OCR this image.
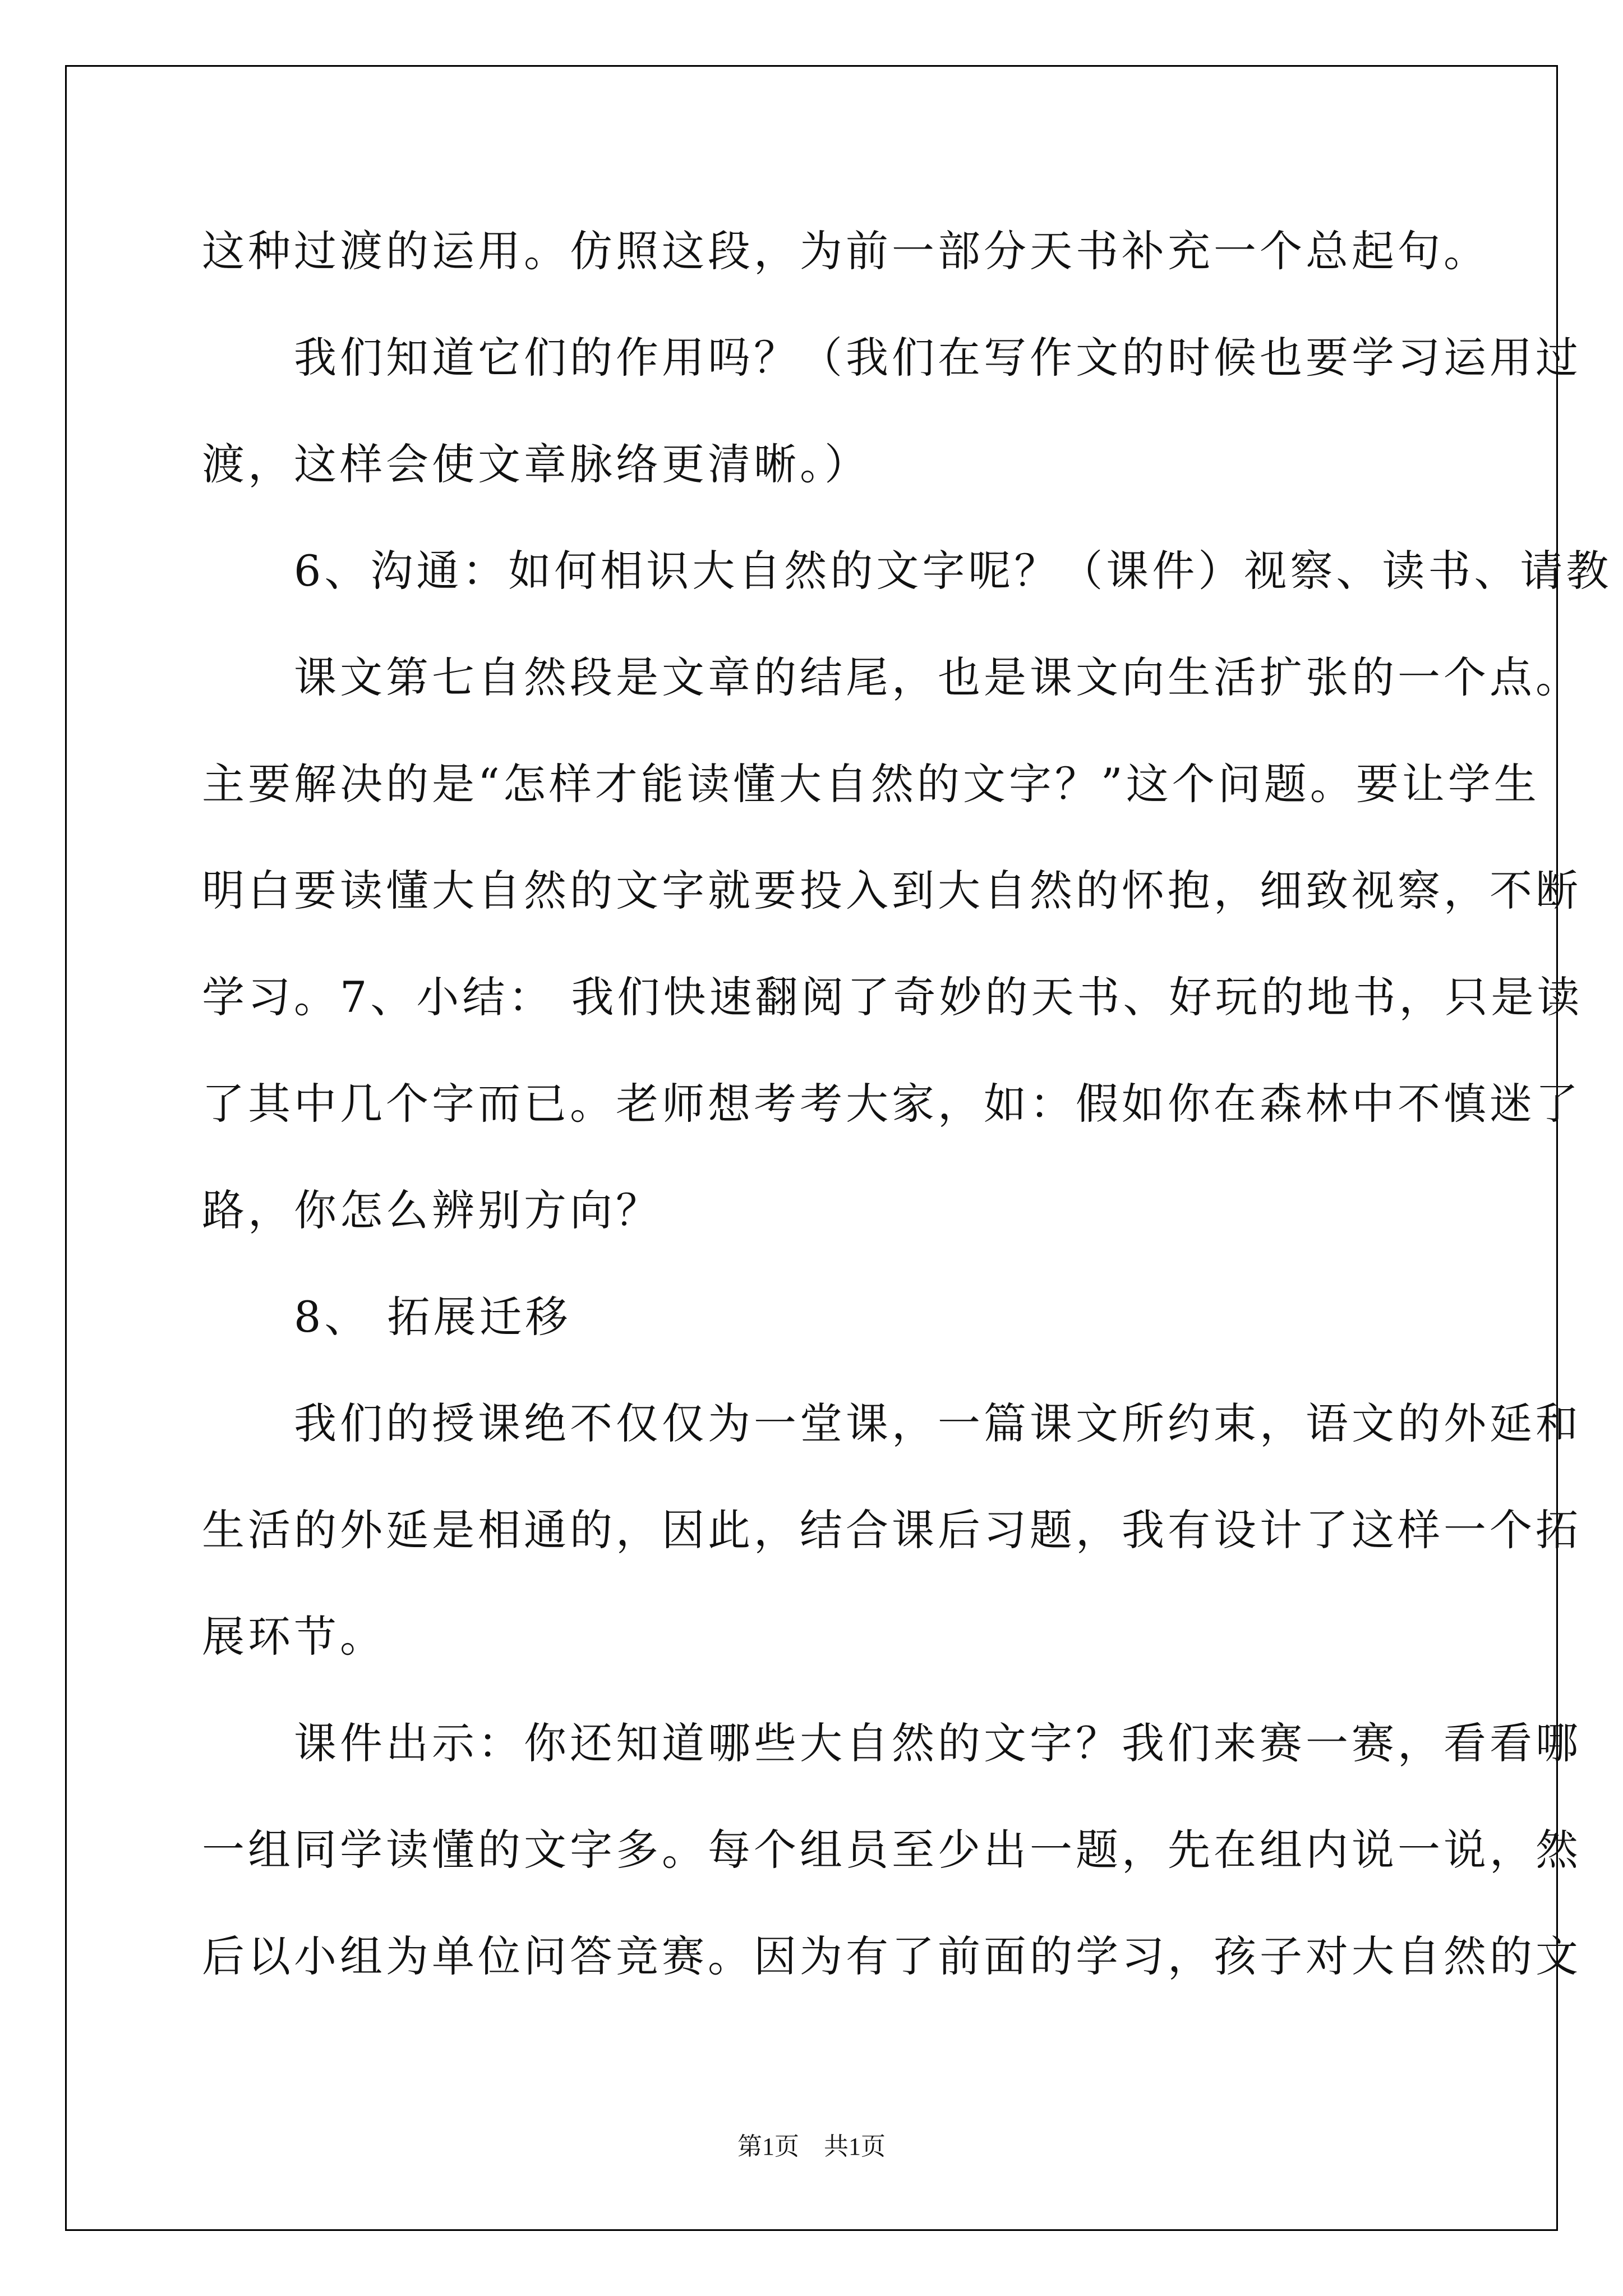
这种过渡的运用。仿照这段，为前一部分天书补充一个总起句。
　　我们知道它们的作用吗？（我们在写作文的时候也要学习运用过
渡，这样会使文章脉络更清晰。）
　　6、沟通：如何相识大自然的文字呢？（课件）视察、读书、请教
　　课文第七自然段是文章的结尾，也是课文向生活扩张的一个点。
主要解决的是“怎样才能读懂大自然的文字？”这个问题。要让学生
明白要读懂大自然的文字就要投入到大自然的怀抱，细致视察，不断
学习。7、小结： 我们快速翻阅了奇妙的天书、好玩的地书，只是读
了其中几个字而已。老师想考考大家，如：假如你在森林中不慎迷了
路，你怎么辨别方向？
　　8、 拓展迁移
　　我们的授课绝不仅仅为一堂课，一篇课文所约束，语文的外延和
生活的外延是相通的，因此，结合课后习题，我有设计了这样一个拓
展环节。
　　课件出示：你还知道哪些大自然的文字？我们来赛一赛，看看哪
一组同学读懂的文字多。每个组员至少出一题，先在组内说一说，然
后以小组为单位问答竞赛。因为有了前面的学习，孩子对大自然的文
第1页　共1页
